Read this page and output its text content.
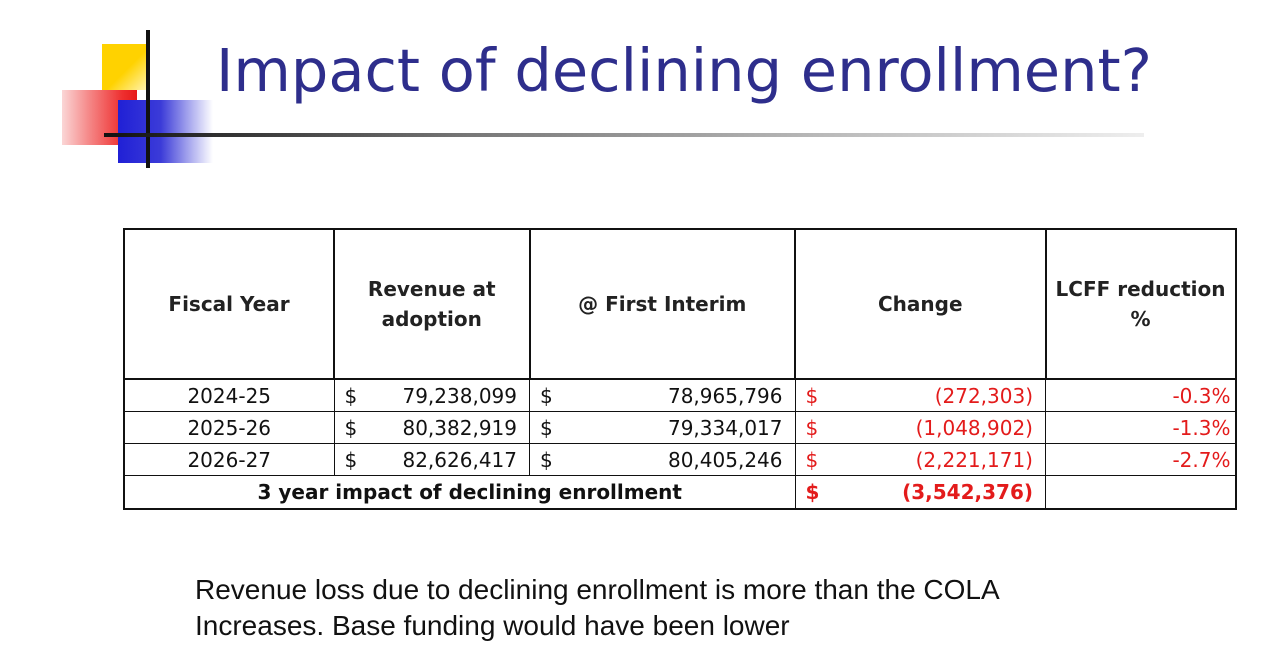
Impact of declining enrollment?
Fiscal Year	Revenue at adoption		@ First Interim		Change		LCFF reduction %
2024-25	$	79,238,099	$	78,965,796	$	(272,303)	-0.3%
2025-26	$	80,382,919	$	79,334,017	$	(1,048,902)	-1.3%
2026-27	$	82,626,417	$	80,405,246	$	(2,221,171)	-2.7%
3 year impact of declining enrollment					$	(3,542,376)	
Revenue loss due to declining enrollment is more than the COLA
Increases. Base funding would have been lower
